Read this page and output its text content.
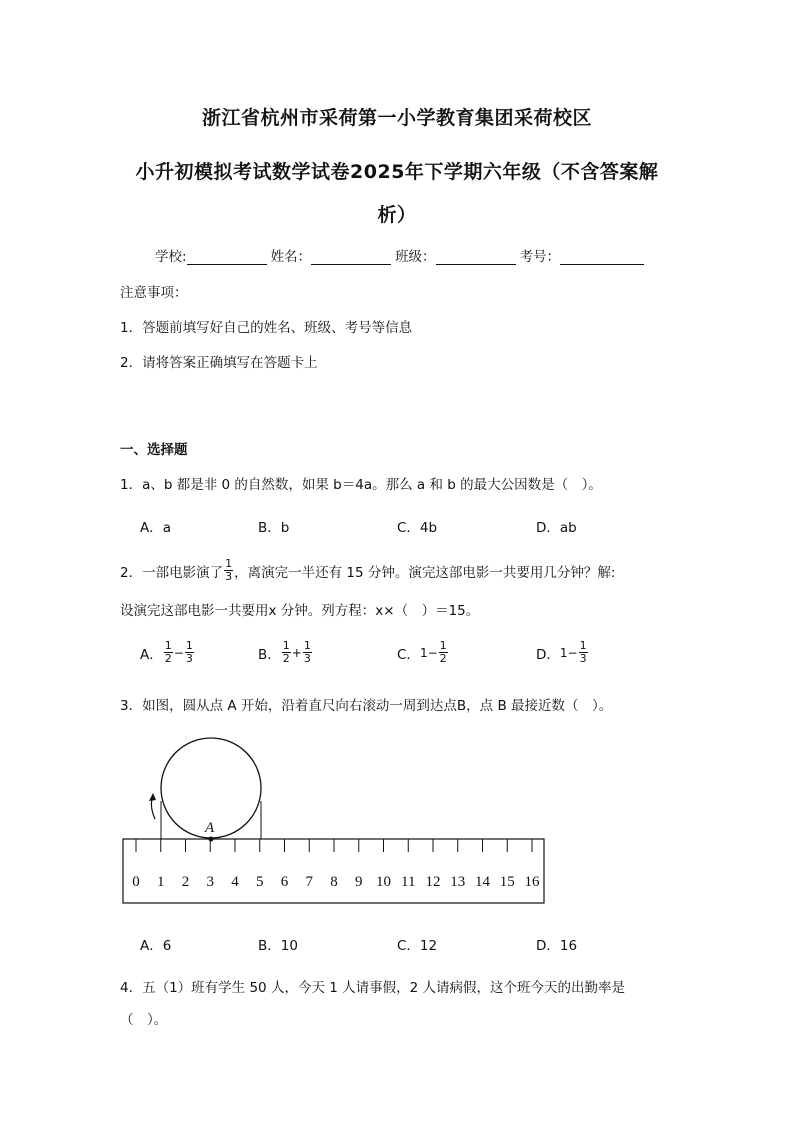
浙江省杭州市采荷第一小学教育集团采荷校区
小升初模拟考试数学试卷2025年下学期六年级（不含答案解
析）
学校:	姓名：	班级：	考号：
注意事项：
1．答题前填写好自己的姓名、班级、考号等信息
2．请将答案正确填写在答题卡上
一、选择题
1．a、b 都是非 0 的自然数，如果 b＝4a。那么 a 和 b 的最大公因数是（　）。
A．a	B．b	C．4b	D．ab
2．一部电影演了 $\frac{1}{3}$ ，离演完一半还有 15 分钟。演完这部电影一共要用几分钟？解:
设演完这部电影一共要用x 分钟。列方程：x×（　）＝15。
A． $\frac{1}{2} - \frac{1}{3}$	B． $\frac{1}{2} + \frac{1}{3}$	C． $1- \frac{1}{2}$	D． $1- \frac{1}{3}$
3．如图，圆从点 A 开始，沿着直尺向右滚动一周到达点B，点 B 最接近数（　）。
A
0 1 2 3 4 5 6 7 8 9 10 11 12 13 14 15 16
A．6	B．10	C．12	D．16
4．五（1）班有学生 50 人，今天 1 人请事假，2 人请病假，这个班今天的出勤率是
（　）。
